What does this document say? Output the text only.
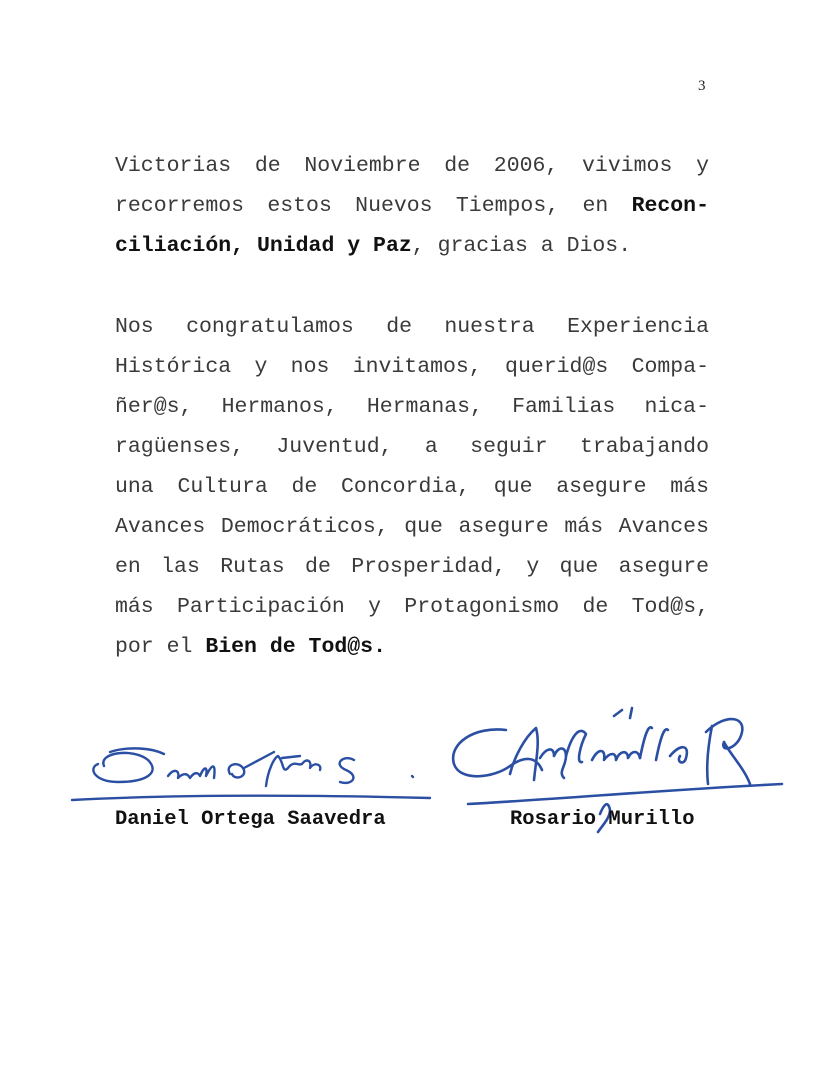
3
Victorias de Noviembre de 2006, vivimos y
recorremos estos Nuevos Tiempos, en Recon-
ciliación, Unidad y Paz, gracias a Dios.
Nos congratulamos de nuestra Experiencia
Histórica y nos invitamos, querid@s Compa-
ñer@s, Hermanos, Hermanas, Familias nica-
ragüenses, Juventud, a seguir trabajando
una Cultura de Concordia, que asegure más
Avances Democráticos, que asegure más Avances
en las Rutas de Prosperidad, y que asegure
más Participación y Protagonismo de Tod@s,
por el Bien de Tod@s.
Daniel Ortega Saavedra	Rosario Murillo
